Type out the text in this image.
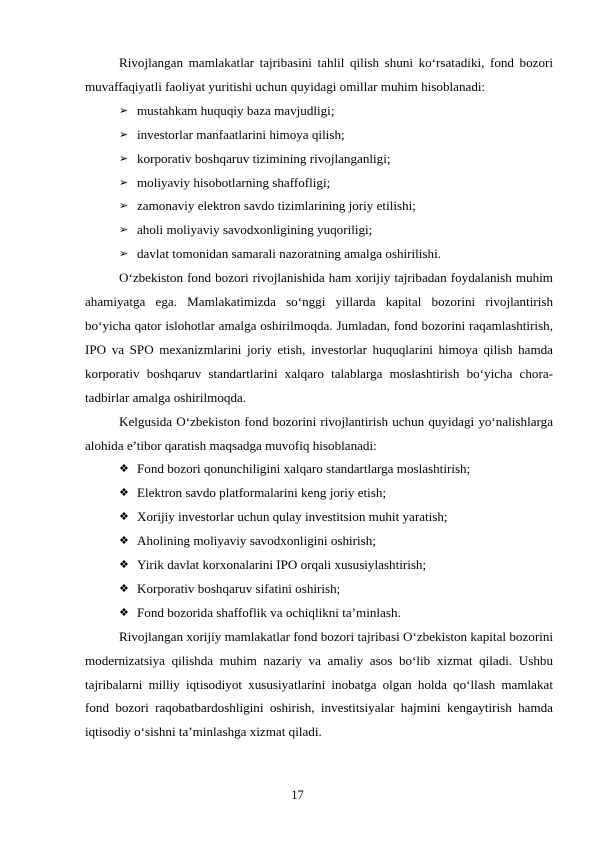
Rivojlangan mamlakatlar tajribasini tahlil qilish shuni ko‘rsatadiki, fond bozori muvaffaqiyatli faoliyat yuritishi uchun quyidagi omillar muhim hisoblanadi:

➢ mustahkam huquqiy baza mavjudligi;
➢ investorlar manfaatlarini himoya qilish;
➢ korporativ boshqaruv tizimining rivojlanganligi;
➢ moliyaviy hisobotlarning shaffofligi;
➢ zamonaviy elektron savdo tizimlarining joriy etilishi;
➢ aholi moliyaviy savodxonligining yuqoriligi;
➢ davlat tomonidan samarali nazoratning amalga oshirilishi.

O‘zbekiston fond bozori rivojlanishida ham xorijiy tajribadan foydalanish muhim ahamiyatga ega. Mamlakatimizda so‘nggi yillarda kapital bozorini rivojlantirish bo‘yicha qator islohotlar amalga oshirilmoqda. Jumladan, fond bozorini raqamlashtirish, IPO va SPO mexanizmlarini joriy etish, investorlar huquqlarini himoya qilish hamda korporativ boshqaruv standartlarini xalqaro talablarga moslashtirish bo‘yicha chora-tadbirlar amalga oshirilmoqda.

Kelgusida O‘zbekiston fond bozorini rivojlantirish uchun quyidagi yo‘nalishlarga alohida e’tibor qaratish maqsadga muvofiq hisoblanadi:

❖ Fond bozori qonunchiligini xalqaro standartlarga moslashtirish;
❖ Elektron savdo platformalarini keng joriy etish;
❖ Xorijiy investorlar uchun qulay investitsion muhit yaratish;
❖ Aholining moliyaviy savodxonligini oshirish;
❖ Yirik davlat korxonalarini IPO orqali xususiylashtirish;
❖ Korporativ boshqaruv sifatini oshirish;
❖ Fond bozorida shaffoflik va ochiqlikni ta’minlash.

Rivojlangan xorijiy mamlakatlar fond bozori tajribasi O‘zbekiston kapital bozorini modernizatsiya qilishda muhim nazariy va amaliy asos bo‘lib xizmat qiladi. Ushbu tajribalarni milliy iqtisodiyot xususiyatlarini inobatga olgan holda qo‘llash mamlakat fond bozori raqobatbardoshligini oshirish, investitsiyalar hajmini kengaytirish hamda iqtisodiy o‘sishni ta’minlashga xizmat qiladi.

17
